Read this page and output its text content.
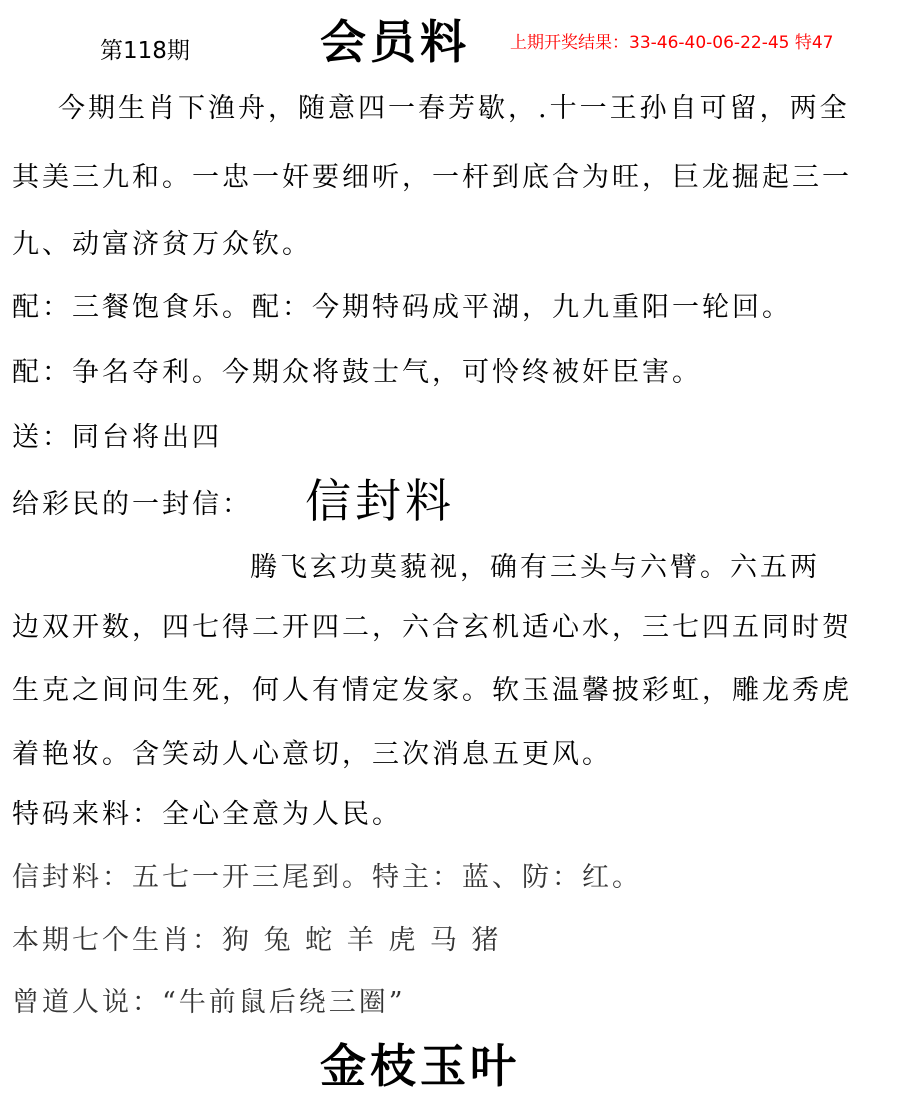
第118期	会员料 上期开奖结果：33-46-40-06-22-45 特47
今期生肖下渔舟，随意四一春芳歇，.十一王孙自可留，两全
其美三九和。一忠一奸要细听，一杆到底合为旺，巨龙掘起三一
九、动富济贫万众钦。
配：三餐饱食乐。配：今期特码成平湖，九九重阳一轮回。
配：争名夺利。今期众将鼓士气，可怜终被奸臣害。
送：同台将出四
给彩民的一封信： 信封料
腾飞玄功莫藐视，确有三头与六臂。六五两
边双开数，四七得二开四二，六合玄机适心水，三七四五同时贺
生克之间问生死，何人有情定发家。软玉温馨披彩虹，雕龙秀虎
着艳妆。含笑动人心意切，三次消息五更风。
特码来料：全心全意为人民。
信封料：五七一开三尾到。特主：蓝、防：红。
本期七个生肖：狗 兔 蛇 羊 虎 马 猪
曾道人说：“牛前鼠后绕三圈”
金枝玉叶
